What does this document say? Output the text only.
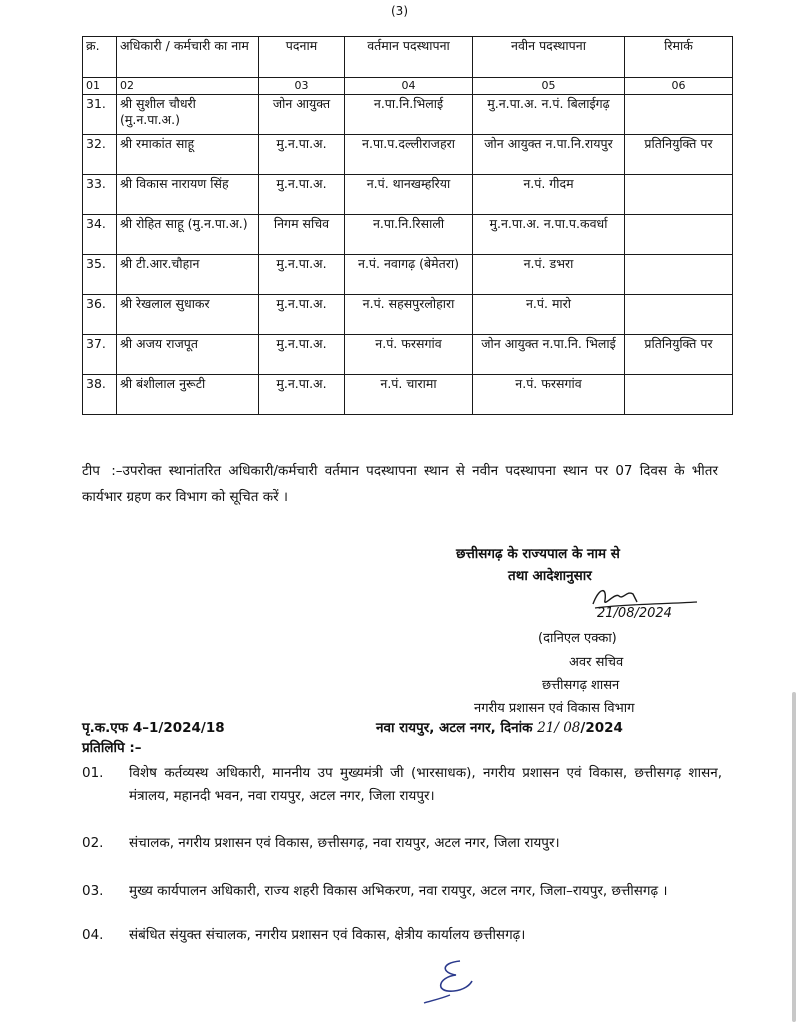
(3)
क्र.	अधिकारी / कर्मचारी का नाम	पदनाम	वर्तमान पदस्थापना	नवीन पदस्थापना	रिमार्क
01	02	03	04	05	06
31.	श्री सुशील चौधरी (मु.न.पा.अ.)	जोन आयुक्त	न.पा.नि.भिलाई	मु.न.पा.अ. न.पं. बिलाईगढ़	
32.	श्री रमाकांत साहू	मु.न.पा.अ.	न.पा.प.दल्लीराजहरा	जोन आयुक्त न.पा.नि.रायपुर	प्रतिनियुक्ति पर
33.	श्री विकास नारायण सिंह	मु.न.पा.अ.	न.पं. थानखम्हरिया	न.पं. गीदम	
34.	श्री रोहित साहू (मु.न.पा.अ.)	निगम सचिव	न.पा.नि.रिसाली	मु.न.पा.अ. न.पा.प.कवर्धा	
35.	श्री टी.आर.चौहान	मु.न.पा.अ.	न.पं. नवागढ़ (बेमेतरा)	न.पं. डभरा	
36.	श्री रेखलाल सुधाकर	मु.न.पा.अ.	न.पं. सहसपुरलोहारा	न.पं. मारो	
37.	श्री अजय राजपूत	मु.न.पा.अ.	न.पं. फरसगांव	जोन आयुक्त न.पा.नि. भिलाई	प्रतिनियुक्ति पर
38.	श्री बंशीलाल नुरूटी	मु.न.पा.अ.	न.पं. चारामा	न.पं. फरसगांव	
टीप :–उपरोक्त स्थानांतरित अधिकारी/कर्मचारी वर्तमान पदस्थापना स्थान से नवीन पदस्थापना स्थान पर 07 दिवस के भीतर कार्यभार ग्रहण कर विभाग को सूचित करें ।
छत्तीसगढ़ के राज्यपाल के नाम से
तथा आदेशानुसार
21/08/2024
(दानिएल एक्का)
अवर सचिव
छत्तीसगढ़ शासन
नगरीय प्रशासन एवं विकास विभाग
पृ.क.एफ 4–1/2024/18	नवा रायपुर, अटल नगर, दिनांक 21/ 08/2024
प्रतिलिपि :–
01.	विशेष कर्तव्यस्थ अधिकारी, माननीय उप मुख्यमंत्री जी (भारसाधक), नगरीय प्रशासन एवं विकास, छत्तीसगढ़ शासन, मंत्रालय, महानदी भवन, नवा रायपुर, अटल नगर, जिला रायपुर।
02.	संचालक, नगरीय प्रशासन एवं विकास, छत्तीसगढ़, नवा रायपुर, अटल नगर, जिला रायपुर।
03.	मुख्य कार्यपालन अधिकारी, राज्य शहरी विकास अभिकरण, नवा रायपुर, अटल नगर, जिला–रायपुर, छत्तीसगढ़ ।
04.	संबंधित संयुक्त संचालक, नगरीय प्रशासन एवं विकास, क्षेत्रीय कार्यालय छत्तीसगढ़।
